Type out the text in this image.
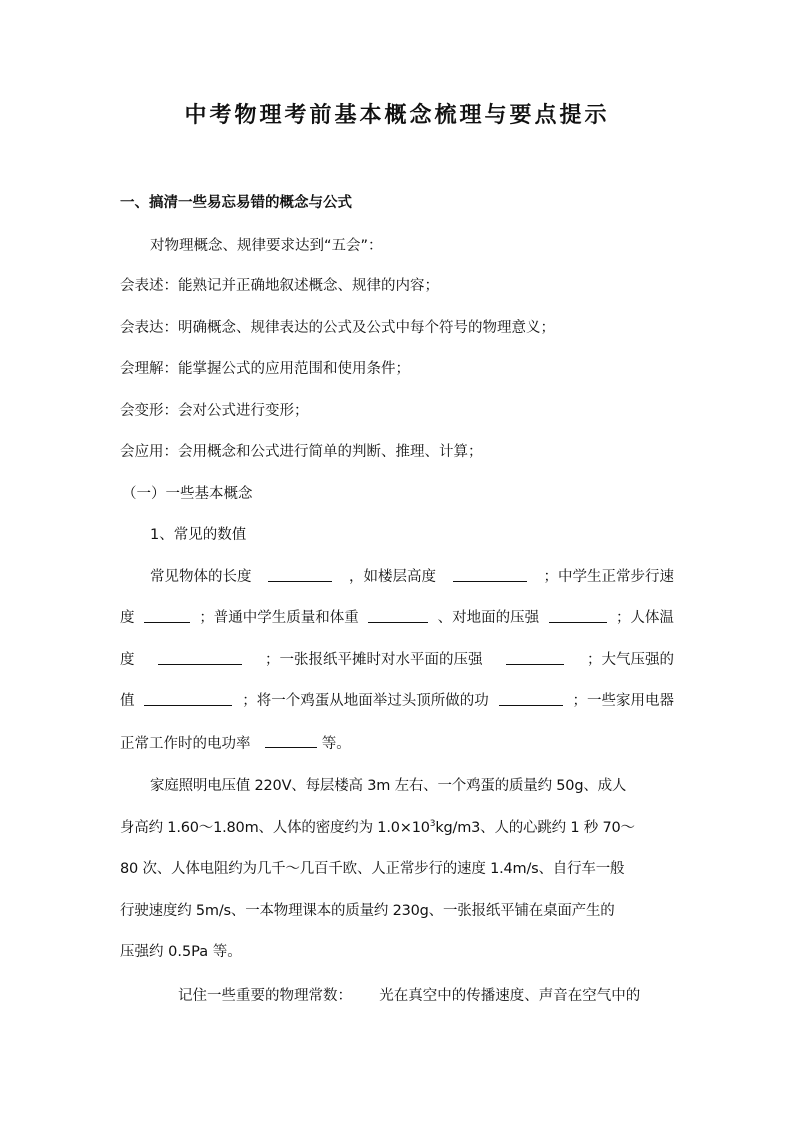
中考物理考前基本概念梳理与要点提示
一、搞清一些易忘易错的概念与公式
对物理概念、规律要求达到“五会”：
会表述：能熟记并正确地叙述概念、规律的内容；
会表达：明确概念、规律表达的公式及公式中每个符号的物理意义；
会理解：能掌握公式的应用范围和使用条件；
会变形：会对公式进行变形；
会应用：会用概念和公式进行简单的判断、推理、计算；
（一）一些基本概念
1、常见的数值
常见物体的长度	，如楼层高度	；中学生正常步行速
度	；普通中学生质量和体重	、对地面的压强	；人体温
度	；一张报纸平摊时对水平面的压强	；大气压强的
值	；将一个鸡蛋从地面举过头顶所做的功	；一些家用电器
正常工作时的电功率	等。
家庭照明电压值 220V、每层楼高 3m 左右、一个鸡蛋的质量约 50g、成人
身高约 1.60～1.80m、人体的密度约为 $1.0\times 10^3kg/m3$、人的心跳约 1 秒 70～
80 次、人体电阻约为几千～几百千欧、人正常步行的速度 1.4m/s、自行车一般
行驶速度约 5m/s、一本物理课本的质量约 230g、一张报纸平铺在桌面产生的
压强约 0.5Pa 等。
记住一些重要的物理常数： 光在真空中的传播速度、声音在空气中的
